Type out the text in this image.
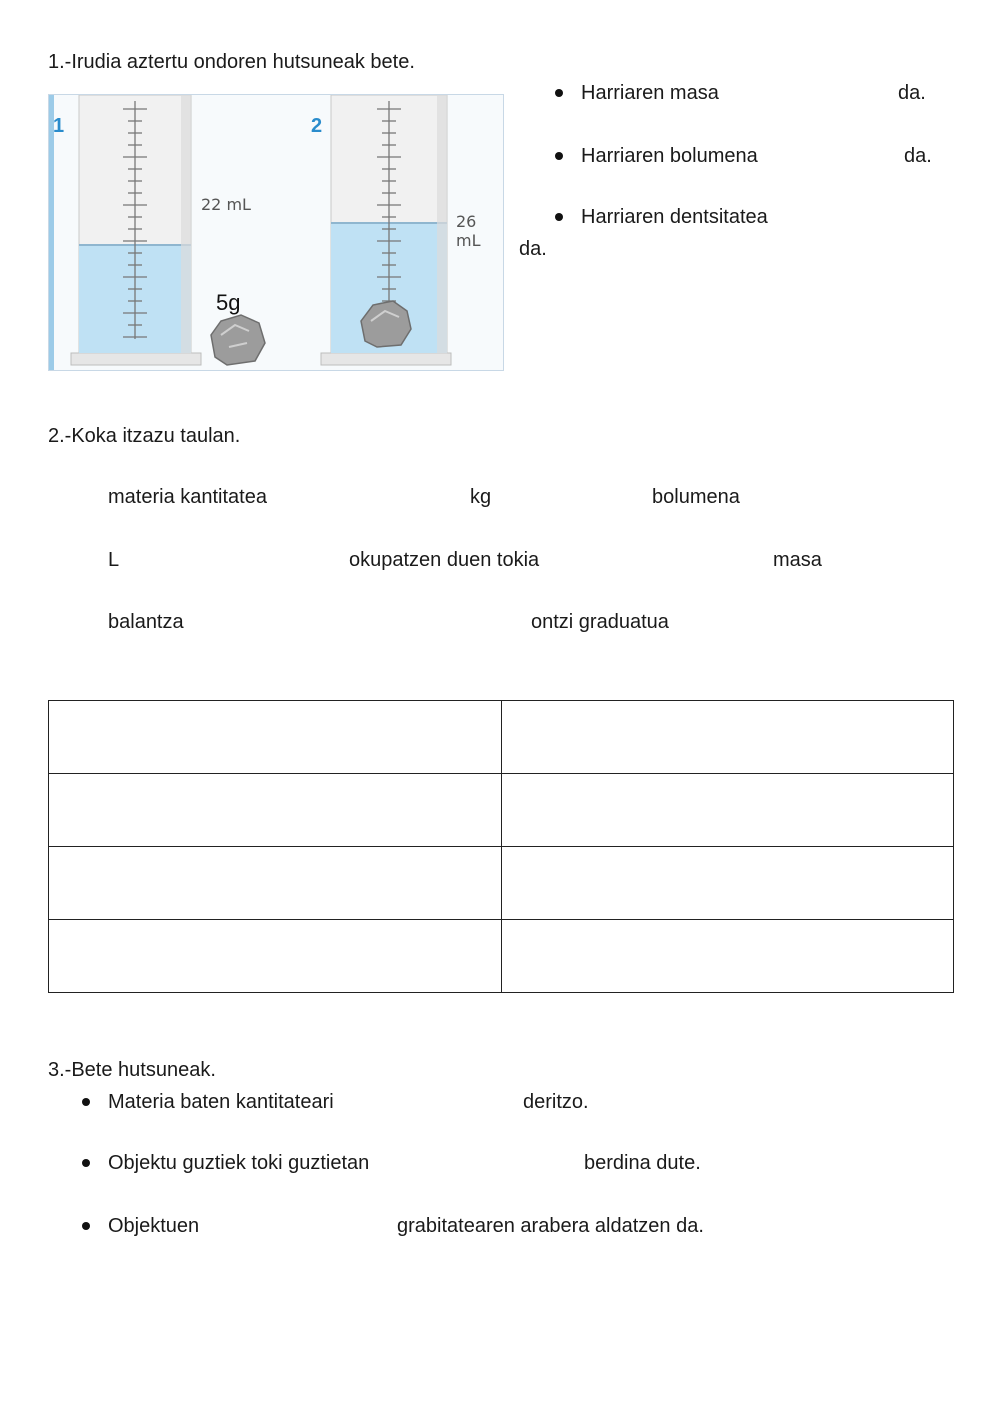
1.-Irudia aztertu ondoren hutsuneak bete.
1	2
22 mL
26 mL
5g
Harriaren masa	da.
Harriaren bolumena	da.
Harriaren dentsitatea
da.
2.-Koka itzazu taulan.
materia kantitatea	kg	bolumena
L	okupatzen duen tokia	masa
balantza	ontzi graduatua

3.-Bete hutsuneak.
Materia baten kantitateari	deritzo.
Objektu guztiek toki guztietan	berdina dute.
Objektuen	grabitatearen arabera aldatzen da.
